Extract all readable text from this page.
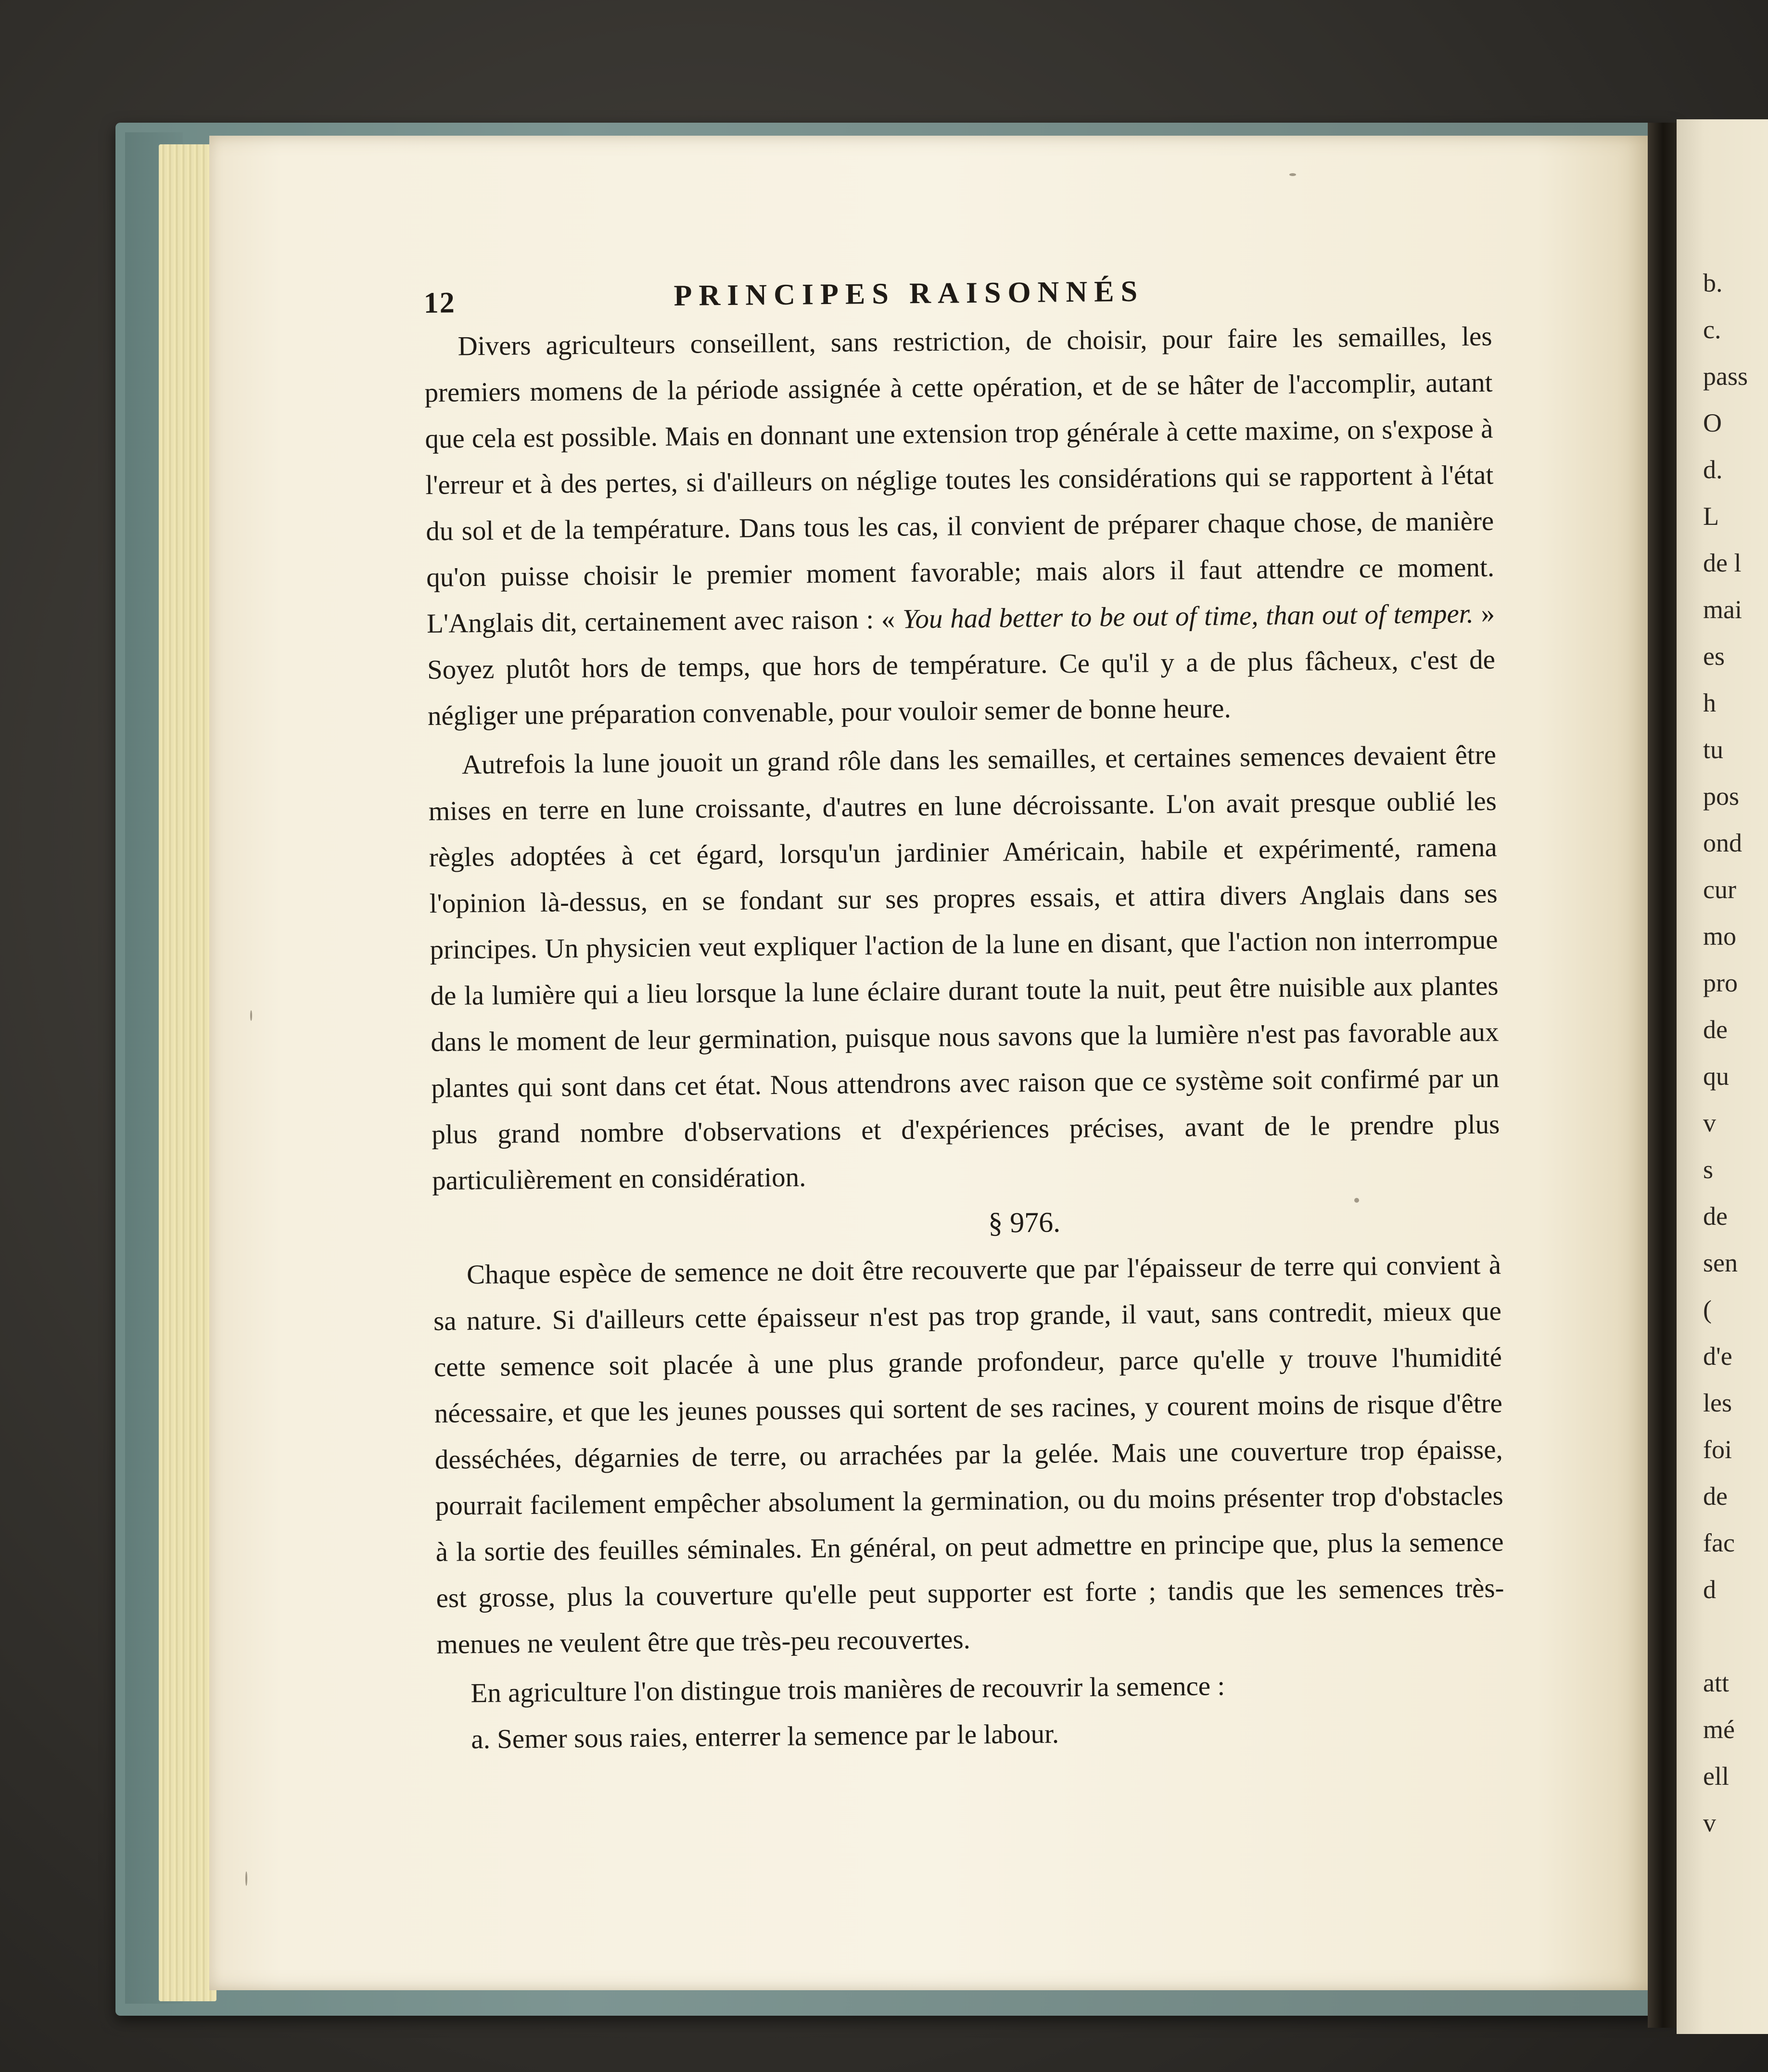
b.
c.
pass
O
d.
L
de l
mai
es
h
tu
pos
ond
cur
mo
pro
de
qu
v
s
de
sen
(
d'e
les
foi
de
fac
d
att
mé
ell
v
12	PRINCIPES RAISONNÉS

Divers agriculteurs conseillent, sans restriction, de choisir, pour faire les semailles, les premiers momens de la période assignée à cette opération, et de se hâter de l'accomplir, autant que cela est possible. Mais en donnant une extension trop générale à cette maxime, on s'expose à l'erreur et à des pertes, si d'ailleurs on néglige toutes les considérations qui se rapportent à l'état du sol et de la température. Dans tous les cas, il convient de préparer chaque chose, de manière qu'on puisse choisir le premier moment favorable; mais alors il faut attendre ce moment. L'Anglais dit, certainement avec raison : « You had better to be out of time, than out of temper. » Soyez plutôt hors de temps, que hors de température. Ce qu'il y a de plus fâcheux, c'est de négliger une préparation convenable, pour vouloir semer de bonne heure.

Autrefois la lune jouoit un grand rôle dans les semailles, et certaines semences devaient être mises en terre en lune croissante, d'autres en lune décroissante. L'on avait presque oublié les règles adoptées à cet égard, lorsqu'un jardinier Américain, habile et expérimenté, ramena l'opinion là-dessus, en se fondant sur ses propres essais, et attira divers Anglais dans ses principes. Un physicien veut expliquer l'action de la lune en disant, que l'action non interrompue de la lumière qui a lieu lorsque la lune éclaire durant toute la nuit, peut être nuisible aux plantes dans le moment de leur germination, puisque nous savons que la lumière n'est pas favorable aux plantes qui sont dans cet état. Nous attendrons avec raison que ce système soit confirmé par un plus grand nombre d'observations et d'expériences précises, avant de le prendre plus particulièrement en considération.

§ 976.

Chaque espèce de semence ne doit être recouverte que par l'épaisseur de terre qui convient à sa nature. Si d'ailleurs cette épaisseur n'est pas trop grande, il vaut, sans contredit, mieux que cette semence soit placée à une plus grande profondeur, parce qu'elle y trouve l'humidité nécessaire, et que les jeunes pousses qui sortent de ses racines, y courent moins de risque d'être desséchées, dégarnies de terre, ou arrachées par la gelée. Mais une couverture trop épaisse, pourrait facilement empêcher absolument la germination, ou du moins présenter trop d'obstacles à la sortie des feuilles séminales. En général, on peut admettre en principe que, plus la semence est grosse, plus la couverture qu'elle peut supporter est forte ; tandis que les semences très-menues ne veulent être que très-peu recouvertes.

En agriculture l'on distingue trois manières de recouvrir la semence :

a. Semer sous raies, enterrer la semence par le labour.
